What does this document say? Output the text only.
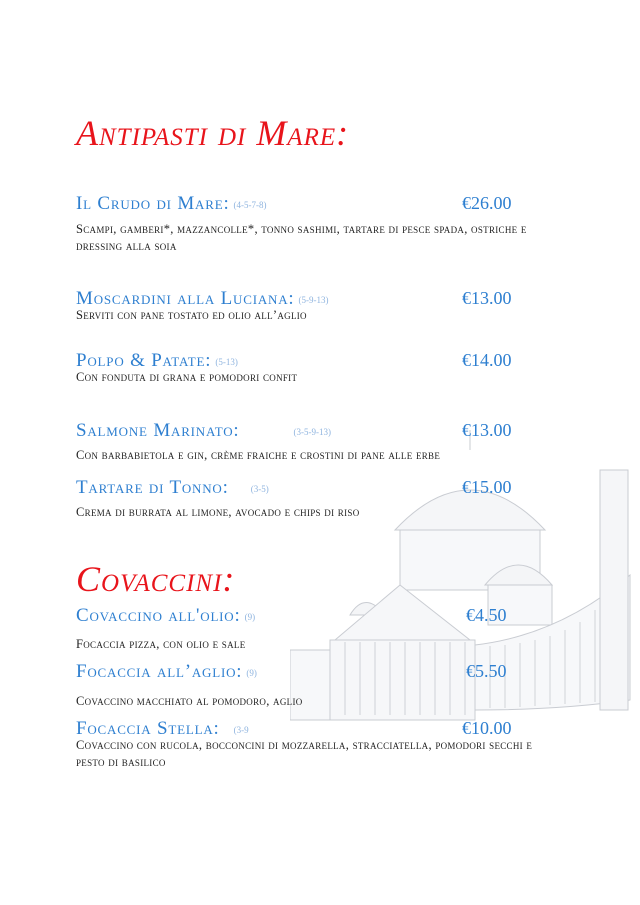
Antipasti di Mare:
Il Crudo di Mare: (4-5-7-8)	€26.00
Scampi, gamberi*, mazzancolle*, tonno sashimi, tartare di pesce spada, ostriche e dressing alla soia
Moscardini alla Luciana: (5-9-13)	€13.00
Serviti con pane tostato ed olio all’aglio
Polpo & Patate: (5-13)	€14.00
Con fonduta di grana e pomodori confit
Salmone Marinato:	(3-5-9-13)	€13.00
Con barbabietola e gin, crème fraiche e crostini di pane alle erbe
Tartare di Tonno: (3-5)	€15.00
Crema di burrata al limone, avocado e chips di riso
Covaccini:
Covaccino all'olio: (9)	€4.50
Focaccia pizza, con olio e sale
Focaccia all’aglio: (9)	€5.50
Covaccino macchiato al pomodoro, aglio
Focaccia Stella: (3-9	€10.00
Covaccino con rucola, bocconcini di mozzarella, stracciatella, pomodori secchi e pesto di basilico
